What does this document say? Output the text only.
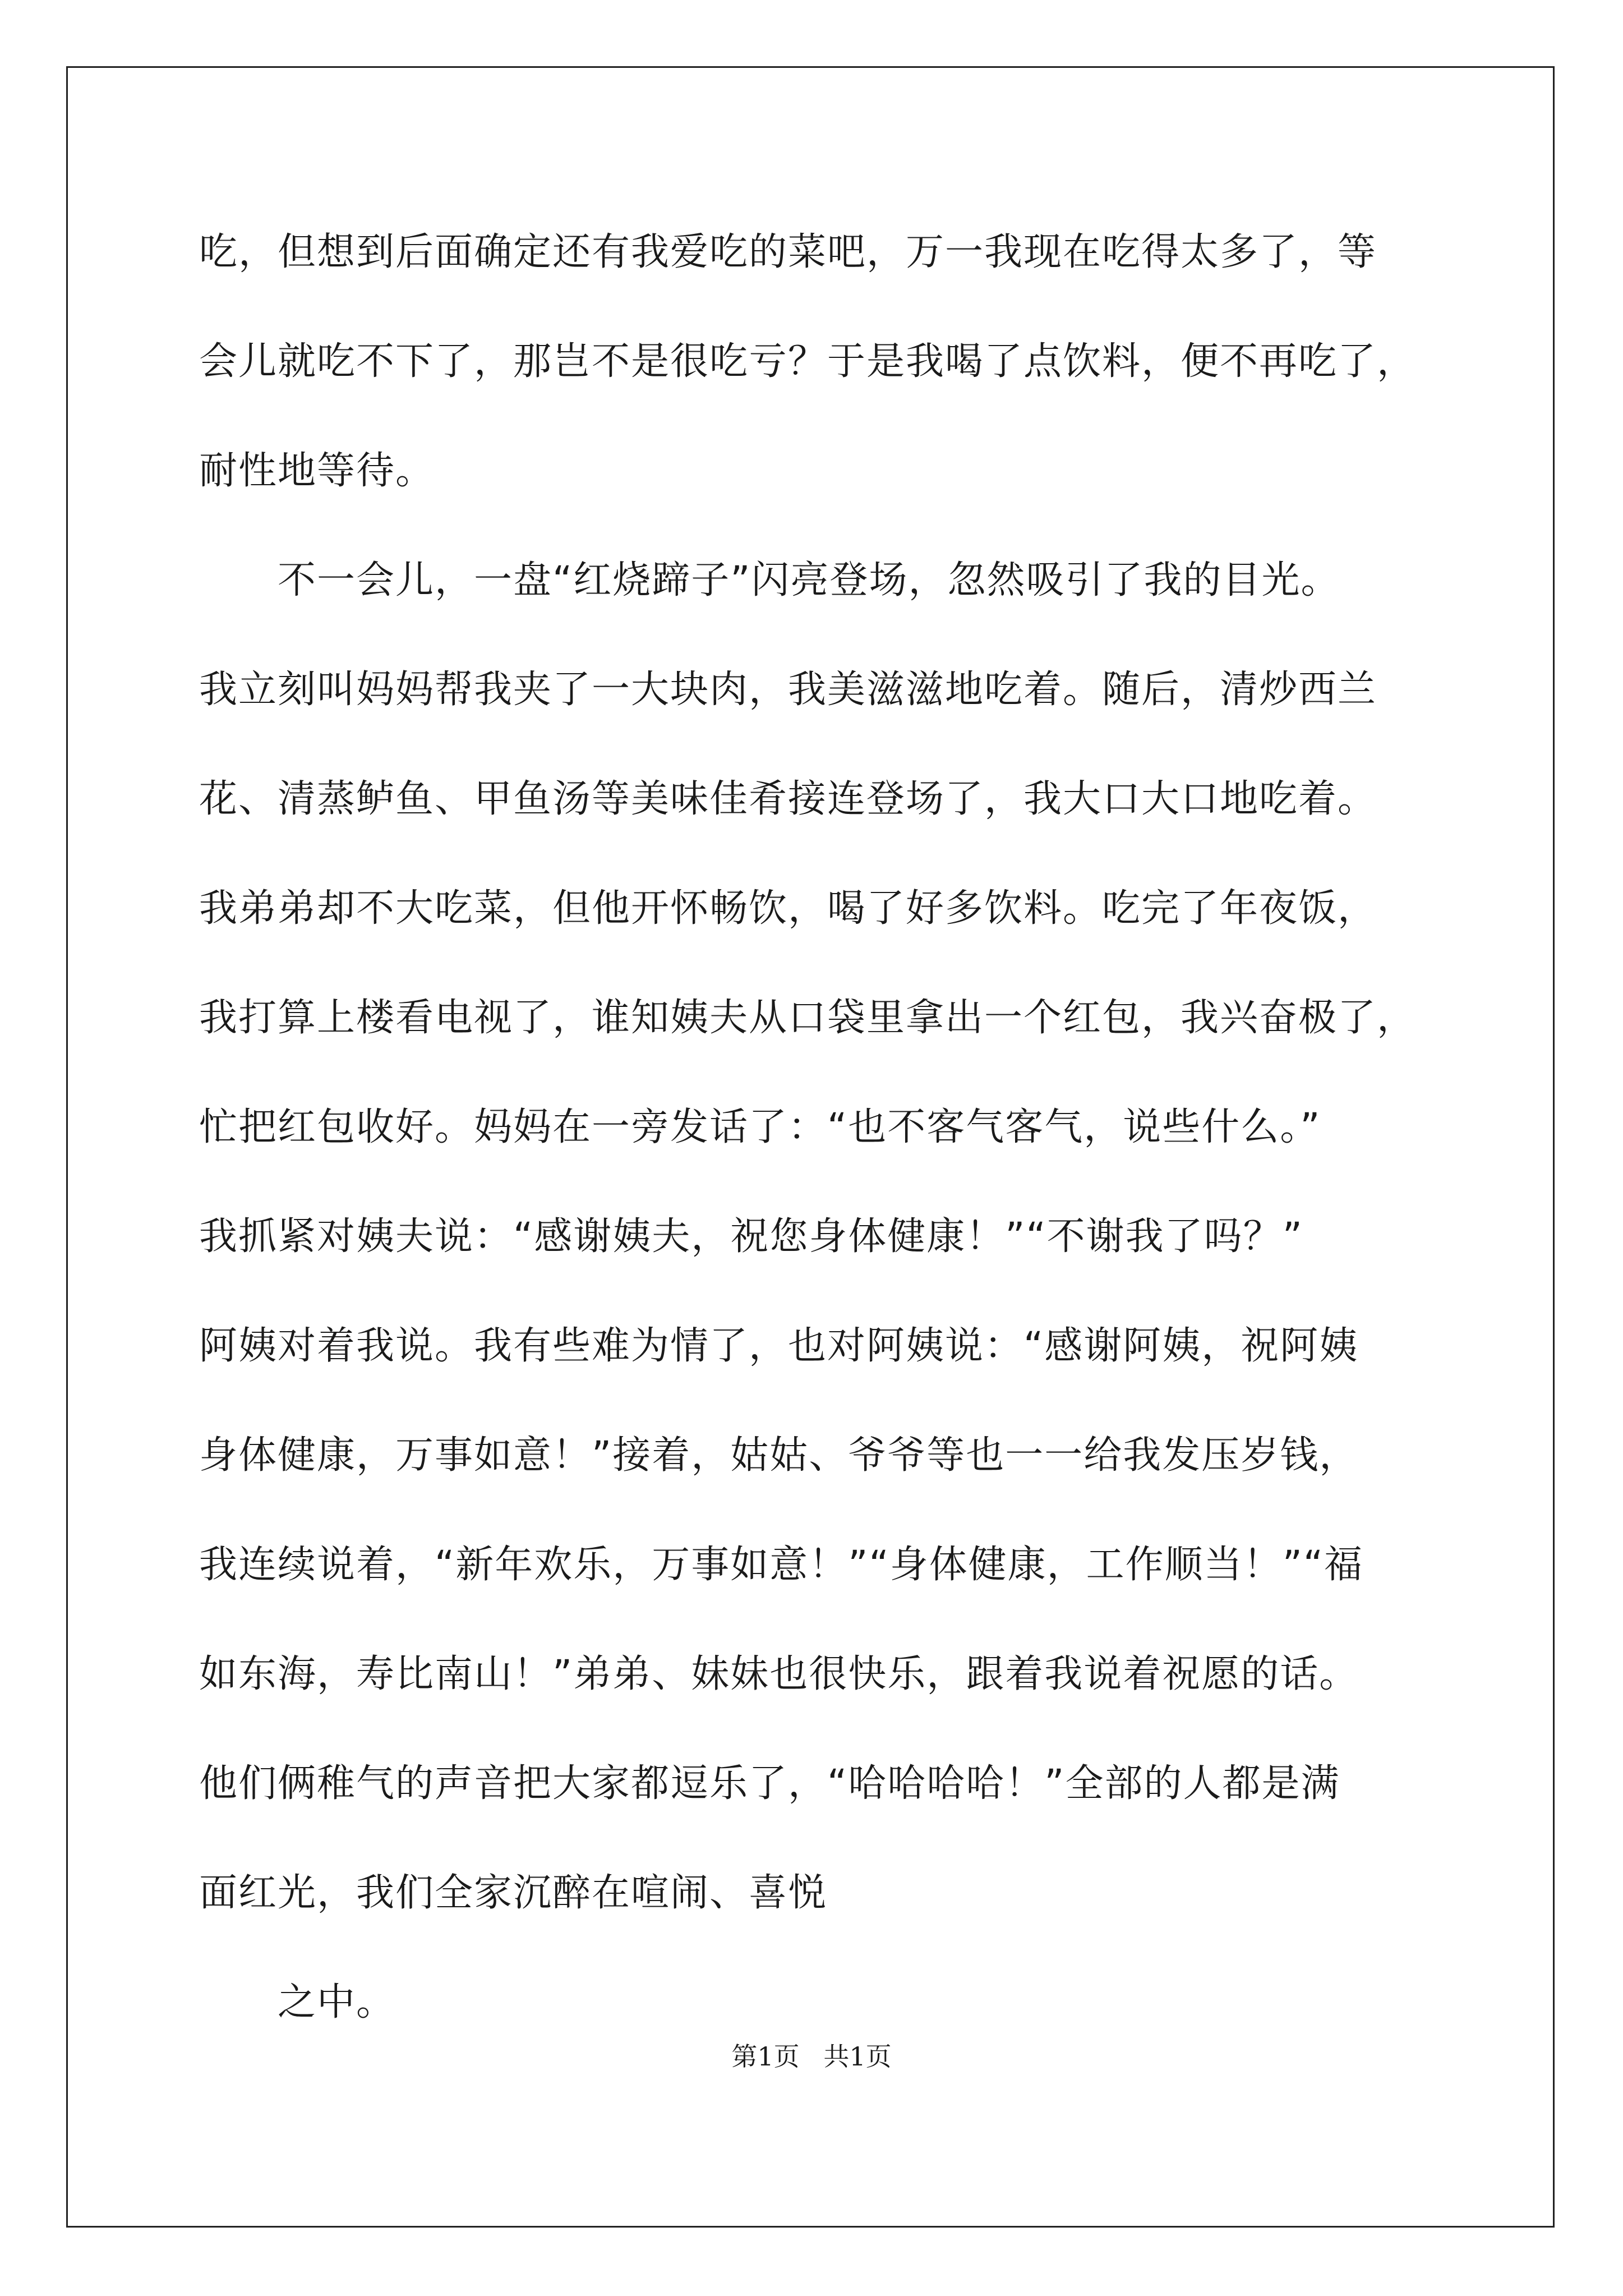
吃，但想到后面确定还有我爱吃的菜吧，万一我现在吃得太多了，等
会儿就吃不下了，那岂不是很吃亏？于是我喝了点饮料，便不再吃了，
耐性地等待。
不一会儿，一盘“红烧蹄子”闪亮登场，忽然吸引了我的目光。
我立刻叫妈妈帮我夹了一大块肉，我美滋滋地吃着。随后，清炒西兰
花、清蒸鲈鱼、甲鱼汤等美味佳肴接连登场了，我大口大口地吃着。
我弟弟却不大吃菜，但他开怀畅饮，喝了好多饮料。吃完了年夜饭，
我打算上楼看电视了，谁知姨夫从口袋里拿出一个红包，我兴奋极了，
忙把红包收好。妈妈在一旁发话了：“也不客气客气，说些什么。”
我抓紧对姨夫说：“感谢姨夫，祝您身体健康！”“不谢我了吗？”
阿姨对着我说。我有些难为情了，也对阿姨说：“感谢阿姨，祝阿姨
身体健康，万事如意！”接着，姑姑、爷爷等也一一给我发压岁钱，
我连续说着，“新年欢乐，万事如意！”“身体健康，工作顺当！”“福
如东海，寿比南山！”弟弟、妹妹也很快乐，跟着我说着祝愿的话。
他们俩稚气的声音把大家都逗乐了，“哈哈哈哈！”全部的人都是满
面红光，我们全家沉醉在喧闹、喜悦
之中。
第1页 共1页
